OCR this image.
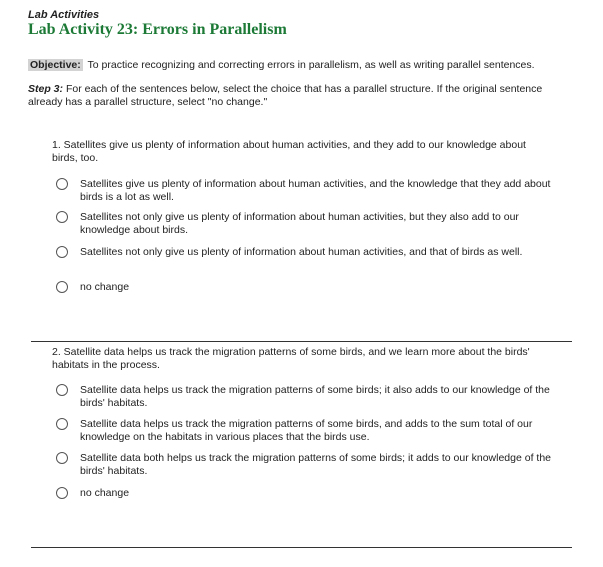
Lab Activities
Lab Activity 23: Errors in Parallelism
Objective: To practice recognizing and correcting errors in parallelism, as well as writing parallel sentences.
Step 3: For each of the sentences below, select the choice that has a parallel structure. If the original sentence already has a parallel structure, select "no change."
1. Satellites give us plenty of information about human activities, and they add to our knowledge about birds, too.
Satellites give us plenty of information about human activities, and the knowledge that they add about birds is a lot as well.
Satellites not only give us plenty of information about human activities, but they also add to our knowledge about birds.
Satellites not only give us plenty of information about human activities, and that of birds as well.
no change
2. Satellite data helps us track the migration patterns of some birds, and we learn more about the birds' habitats in the process.
Satellite data helps us track the migration patterns of some birds; it also adds to our knowledge of the birds' habitats.
Satellite data helps us track the migration patterns of some birds, and adds to the sum total of our knowledge on the habitats in various places that the birds use.
Satellite data both helps us track the migration patterns of some birds; it adds to our knowledge of the birds' habitats.
no change
